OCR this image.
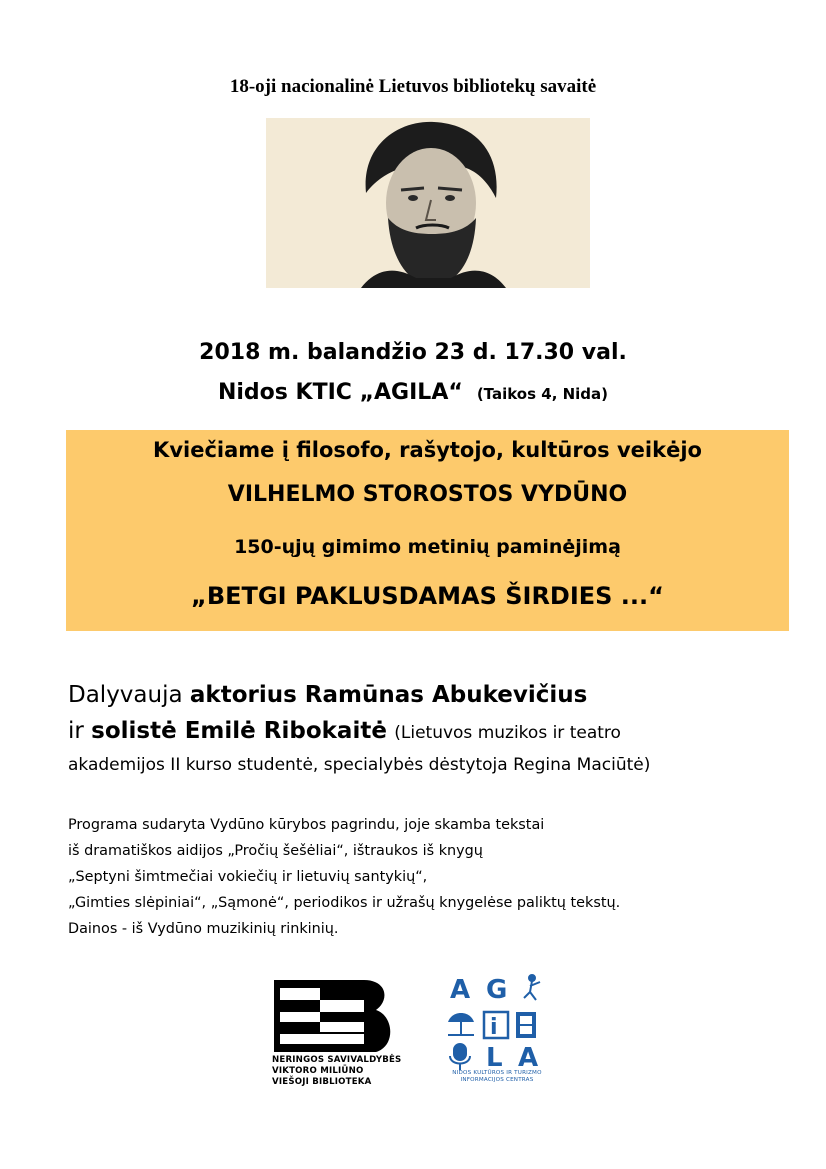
18-oji nacionalinė Lietuvos bibliotekų savaitė
2018 m. balandžio 23 d. 17.30 val.
Nidos KTIC „AGILA“ (Taikos 4, Nida)
Kviečiame į filosofo, rašytojo, kultūros veikėjo
VILHELMO STOROSTOS VYDŪNO
150-ųjų gimimo metinių paminėjimą
„BETGI PAKLUSDAMAS ŠIRDIES ...“
Dalyvauja aktorius Ramūnas Abukevičius
ir solistė Emilė Ribokaitė (Lietuvos muzikos ir teatro
akademijos II kurso studentė, specialybės dėstytoja Regina Maciūtė)
Programa sudaryta Vydūno kūrybos pagrindu, joje skamba tekstai
iš dramatiškos aidijos „Pročių šešėliai“, ištraukos iš knygų
„Septyni šimtmečiai vokiečių ir lietuvių santykių“,
„Gimties slėpiniai“, „Sąmonė“, periodikos ir užrašų knygelėse paliktų tekstų.
Dainos - iš Vydūno muzikinių rinkinių.
NERINGOS SAVIVALDYBĖS
VIKTORO MILIŪNO
VIEŠOJI BIBLIOTEKA
A G
i
L A
NIDOS KULTŪROS IR TURIZMO
INFORMACIJOS CENTRAS
